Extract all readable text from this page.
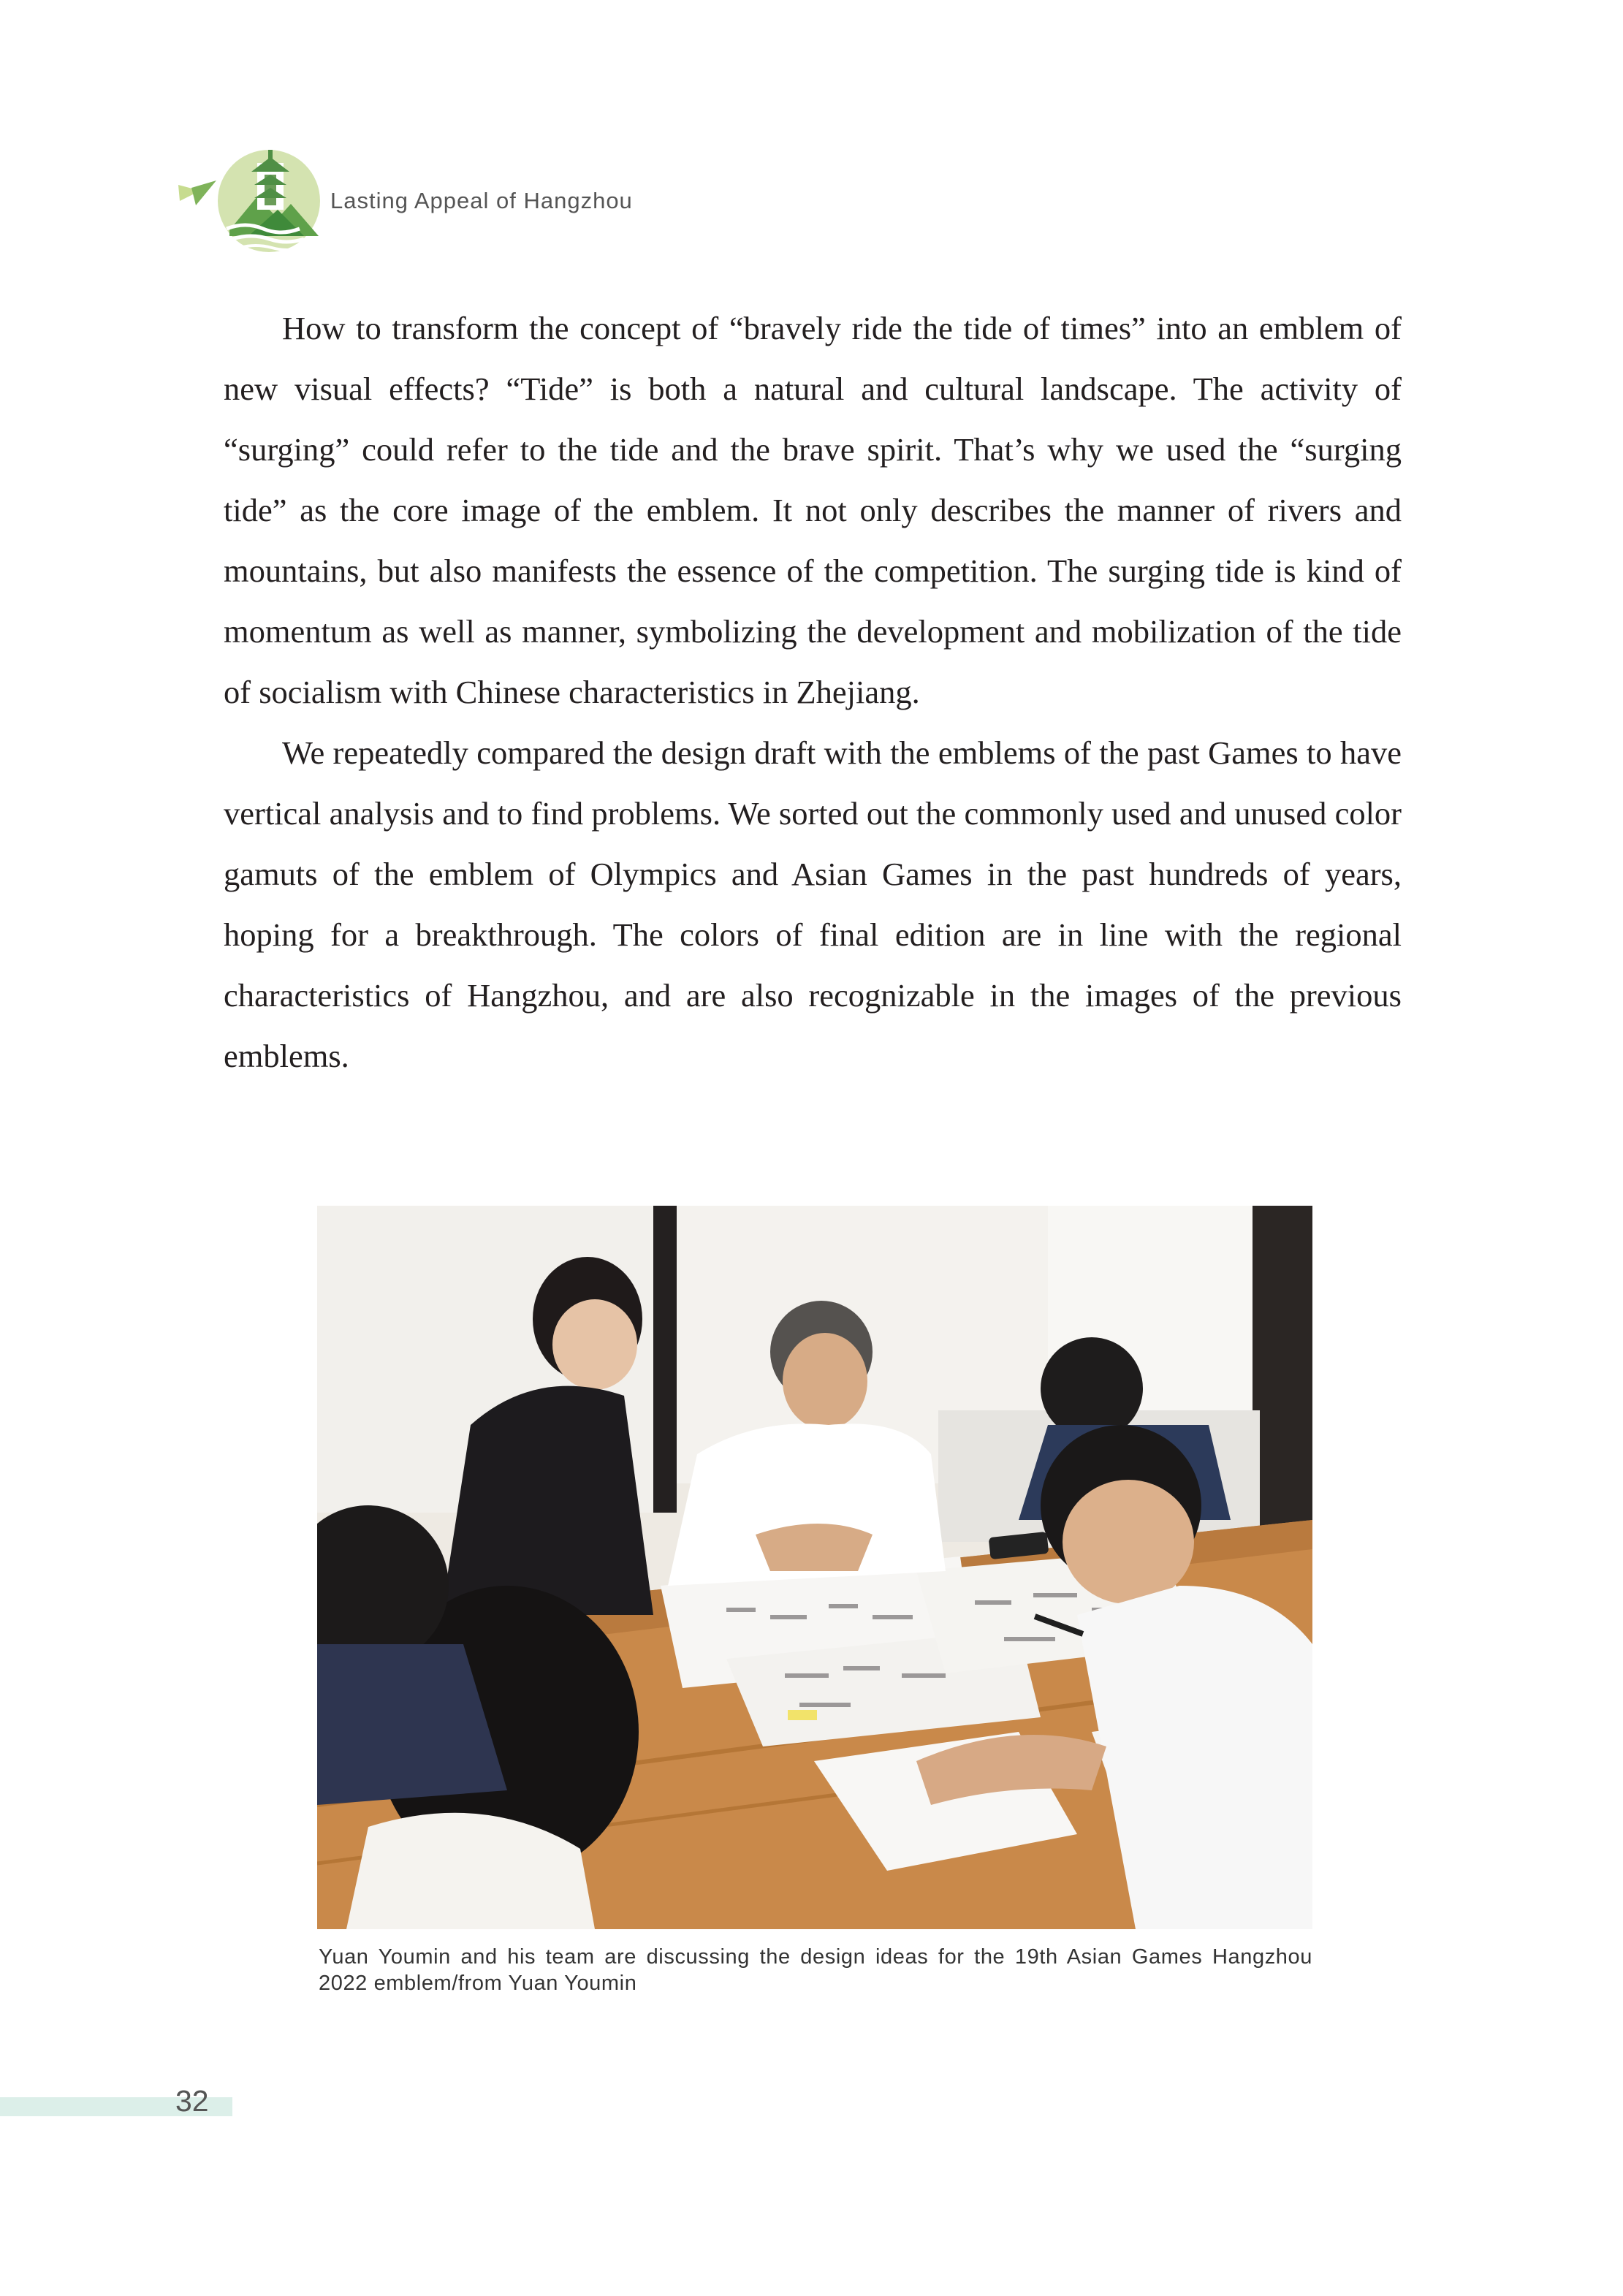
Lasting Appeal of Hangzhou

How to transform the concept of “bravely ride the tide of times” into an emblem of new visual effects? “Tide” is both a natural and cultural landscape. The activity of “surging” could refer to the tide and the brave spirit. That’s why we used the “surging tide” as the core image of the emblem. It not only describes the manner of rivers and mountains, but also manifests the essence of the competition. The surging tide is kind of momentum as well as manner, symbolizing the development and mobilization of the tide of socialism with Chinese characteristics in Zhejiang.

We repeatedly compared the design draft with the emblems of the past Games to have vertical analysis and to find problems. We sorted out the commonly used and unused color gamuts of the emblem of Olympics and Asian Games in the past hundreds of years, hoping for a breakthrough. The colors of final edition are in line with the regional characteristics of Hangzhou, and are also recognizable in the images of the previous emblems.

Yuan Youmin and his team are discussing the design ideas for the 19th Asian Games Hangzhou 2022 emblem/from Yuan Youmin
32
